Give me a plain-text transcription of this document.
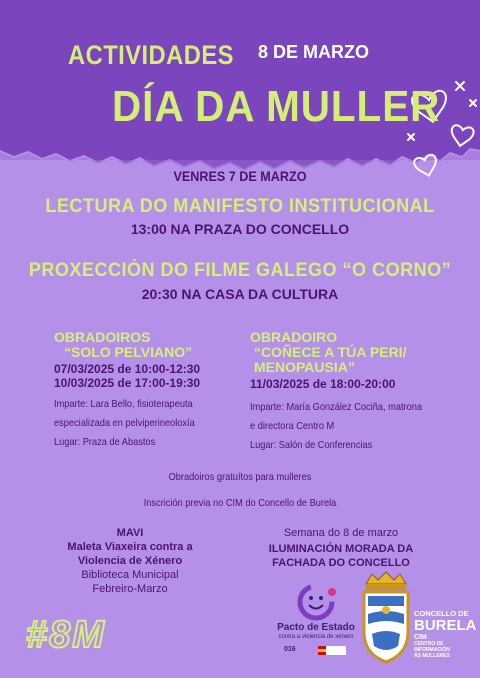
ACTIVIDADES 8 DE MARZO
DÍA DA MULLER
VENRES 7 DE MARZO
LECTURA DO MANIFESTO INSTITUCIONAL
13:00 NA PRAZA DO CONCELLO
PROXECCIÓN DO FILME GALEGO “O CORNO”
20:30 NA CASA DA CULTURA
OBRADOIROS
“SOLO PELVIANO”
07/03/2025 de 10:00-12:30
10/03/2025 de 17:00-19:30
Imparte: Lara Bello, fisioterapeuta
especializada en pelviperineoloxía
Lugar: Praza de Abastos
OBRADOIRO
“COÑECE A TÚA PERI/
MENOPAUSIA”
11/03/2025 de 18:00-20:00
Imparte: María González Cociña, matrona
e directora Centro M
Lugar: Salón de Conferencias
Obradoiros gratuítos para mulleres
Inscrición previa no CIM do Concello de Burela
MAVI
Maleta Viaxeira contra a
Violencia de Xénero
Biblioteca Municipal
Febreiro-Marzo
Semana do 8 de marzo
ILUMINACIÓN MORADA DA
FACHADA DO CONCELLO
#8M	Pacto de Estado
contra a violencia de xénero
016
CONCELLO DE
BURELA
CIM
CENTRO DE
INFORMACIÓN
ÁS MULLERES
